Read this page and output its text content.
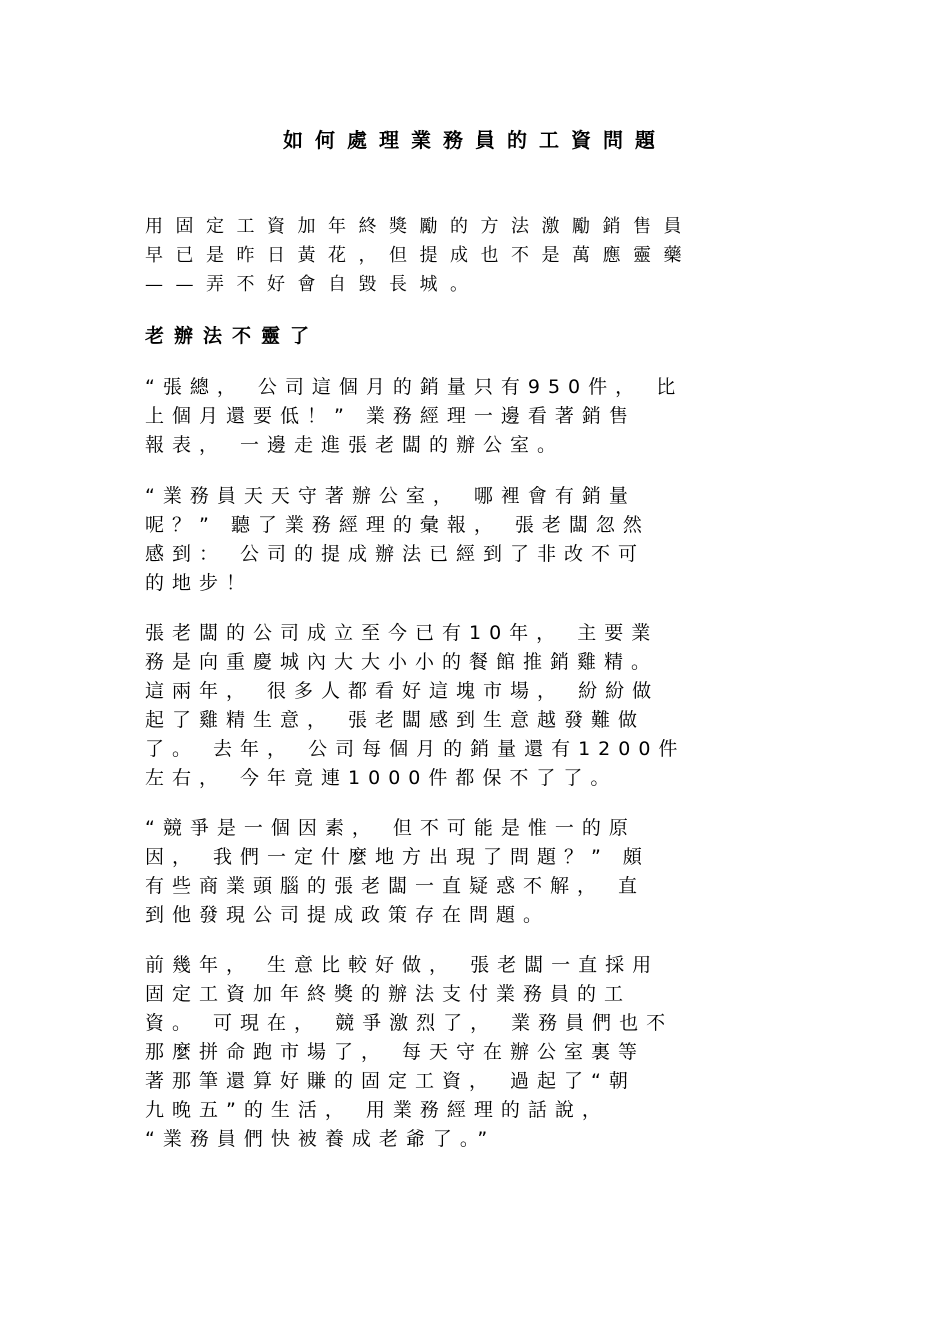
如何處理業務員的工資問題
用固定工資加年終獎勵的方法激勵銷售員
早已是昨日黃花，但提成也不是萬應靈藥
——弄不好會自毀長城。
老辦法不靈了
“張總， 公司這個月的銷量只有950件， 比
上個月還要低！” 業務經理一邊看著銷售
報表， 一邊走進張老闆的辦公室。
“業務員天天守著辦公室， 哪裡會有銷量
呢？” 聽了業務經理的彙報， 張老闆忽然
感到： 公司的提成辦法已經到了非改不可
的地步！
張老闆的公司成立至今已有10年， 主要業
務是向重慶城內大大小小的餐館推銷雞精。
這兩年， 很多人都看好這塊市場， 紛紛做
起了雞精生意， 張老闆感到生意越發難做
了。 去年， 公司每個月的銷量還有1200件
左右， 今年竟連1000件都保不了了。
“競爭是一個因素， 但不可能是惟一的原
因， 我們一定什麼地方出現了問題？” 頗
有些商業頭腦的張老闆一直疑惑不解， 直
到他發現公司提成政策存在問題。
前幾年， 生意比較好做， 張老闆一直採用
固定工資加年終獎的辦法支付業務員的工
資。 可現在， 競爭激烈了， 業務員們也不
那麼拼命跑市場了， 每天守在辦公室裏等
著那筆還算好賺的固定工資， 過起了“朝
九晚五”的生活， 用業務經理的話說，
“業務員們快被養成老爺了。”
